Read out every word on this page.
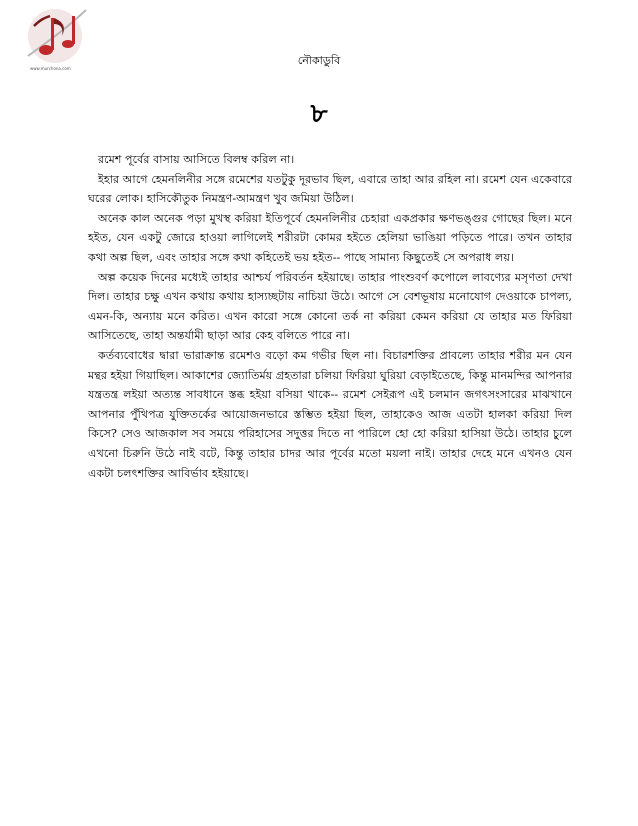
www.murchona.com
নৌকাডুবি
৮

রমেশ পূর্বের বাসায় আসিতে বিলম্ব করিল না।

ইহার আগে হেমনলিনীর সঙ্গে রমেশের যতটুকু দূরভাব ছিল, এবারে তাহা আর রহিল না। রমেশ যেন একেবারে ঘরের লোক। হাসিকৌতুক নিমন্ত্রণ-আমন্ত্রণ খুব জমিয়া উঠিল।

অনেক কাল অনেক পড়া মুখস্থ করিয়া ইতিপূর্বে হেমনলিনীর চেহারা একপ্রকার ক্ষণভঙ্গুর গোছের ছিল। মনে হইত, যেন একটু জোরে হাওয়া লাগিলেই শরীরটা কোমর হইতে হেলিয়া ভাঙিয়া পড়িতে পারে। তখন তাহার কথা অল্প ছিল, এবং তাহার সঙ্গে কথা কহিতেই ভয় হইত-- পাছে সামান্য কিছুতেই সে অপরাধ লয়।

অল্প কয়েক দিনের মধ্যেই তাহার আশ্চর্য পরিবর্তন হইয়াছে। তাহার পাংশুবর্ণ কপোলে লাবণ্যের মসৃণতা দেখা দিল। তাহার চক্ষু এখন কথায় কথায় হাস্যচ্ছটায় নাচিয়া উঠে। আগে সে বেশভূষায় মনোযোগ দেওয়াকে চাপল্য, এমন-কি, অন্যায় মনে করিত। এখন কারো সঙ্গে কোনো তর্ক না করিয়া কেমন করিয়া যে তাহার মত ফিরিয়া আসিতেছে, তাহা অন্তর্যামী ছাড়া আর কেহ বলিতে পারে না।

কর্তব্যবোধের দ্বারা ভারাক্রান্ত রমেশও বড়ো কম গভীর ছিল না। বিচারশক্তির প্রাবল্যে তাহার শরীর মন যেন মন্থর হইয়া গিয়াছিল। আকাশের জ্যোতির্ময় গ্রহতারা চলিয়া ফিরিয়া ঘুরিয়া বেড়াইতেছে, কিন্তু মানমন্দির আপনার যন্ত্রতন্ত্র লইয়া অত্যন্ত সাবধানে স্তব্ধ হইয়া বসিয়া থাকে-- রমেশ সেইরূপ এই চলমান জগৎসংসারের মাঝখানে আপনার পুঁথিপত্র যুক্তিতর্কের আয়োজনভারে স্তম্ভিত হইয়া ছিল, তাহাকেও আজ এতটা হালকা করিয়া দিল কিসে? সেও আজকাল সব সময়ে পরিহাসের সদুত্তর দিতে না পারিলে হো হো করিয়া হাসিয়া উঠে। তাহার চুলে এখনো চিরুনি উঠে নাই বটে, কিন্তু তাহার চাদর আর পূর্বের মতো ময়লা নাই। তাহার দেহে মনে এখনও যেন একটা চলৎশক্তির আবির্ভাব হইয়াছে।
